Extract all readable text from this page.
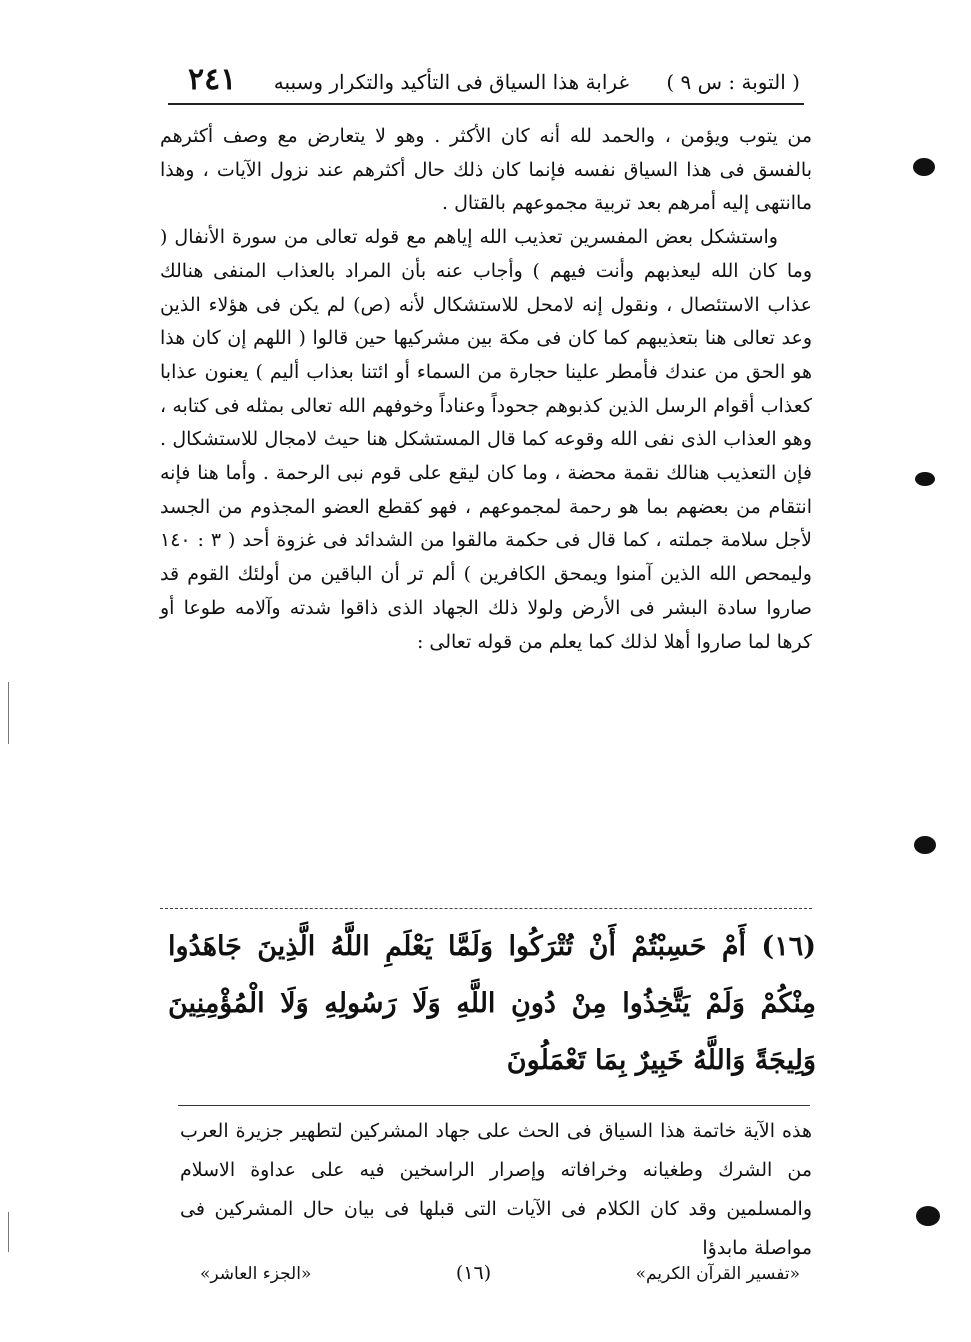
( التوبة : س ٩ )
غرابة هذا السياق فى التأكيد والتكرار وسببه
٢٤١

من يتوب ويؤمن ، والحمد لله أنه كان الأكثر . وهو لا يتعارض مع وصف أكثرهم بالفسق فى هذا السياق نفسه فإنما كان ذلك حال أكثرهم عند نزول الآيات ، وهذا ماانتهى إليه أمرهم بعد تربية مجموعهم بالقتال .

واستشكل بعض المفسرين تعذيب الله إياهم مع قوله تعالى من سورة الأنفال ( وما كان الله ليعذبهم وأنت فيهم ) وأجاب عنه بأن المراد بالعذاب المنفى هنالك عذاب الاستئصال ، ونقول إنه لامحل للاستشكال لأنه (ص) لم يكن فى هؤلاء الذين وعد تعالى هنا بتعذيبهم كما كان فى مكة بين مشركيها حين قالوا ( اللهم إن كان هذا هو الحق من عندك فأمطر علينا حجارة من السماء أو ائتنا بعذاب أليم ) يعنون عذابا كعذاب أقوام الرسل الذين كذبوهم جحوداً وعناداً وخوفهم الله تعالى بمثله فى كتابه ، وهو العذاب الذى نفى الله وقوعه كما قال المستشكل هنا حيث لامجال للاستشكال . فإن التعذيب هنالك نقمة محضة ، وما كان ليقع على قوم نبى الرحمة . وأما هنا فإنه انتقام من بعضهم بما هو رحمة لمجموعهم ، فهو كقطع العضو المجذوم من الجسد لأجل سلامة جملته ، كما قال فى حكمة مالقوا من الشدائد فى غزوة أحد ( ٣ : ١٤٠ وليمحص الله الذين آمنوا ويمحق الكافرين ) ألم تر أن الباقين من أولئك القوم قد صاروا سادة البشر فى الأرض ولولا ذلك الجهاد الذى ذاقوا شدته وآلامه طوعا أو كرها لما صاروا أهلا لذلك كما يعلم من قوله تعالى :

(١٦) أَمْ حَسِبْتُمْ أَنْ تُتْرَكُوا وَلَمَّا يَعْلَمِ اللَّهُ الَّذِينَ جَاهَدُوا مِنْكُمْ وَلَمْ يَتَّخِذُوا مِنْ دُونِ اللَّهِ وَلَا رَسُولِهِ وَلَا الْمُؤْمِنِينَ وَلِيجَةً وَاللَّهُ خَبِيرٌ بِمَا تَعْمَلُونَ

هذه الآية خاتمة هذا السياق فى الحث على جهاد المشركين لتطهير جزيرة العرب من الشرك وطغيانه وخرافاته وإصرار الراسخين فيه على عداوة الاسلام والمسلمين وقد كان الكلام فى الآيات التى قبلها فى بيان حال المشركين فى مواصلة مابدؤا

«تفسير القرآن الكريم»
(١٦)
«الجزء العاشر»
